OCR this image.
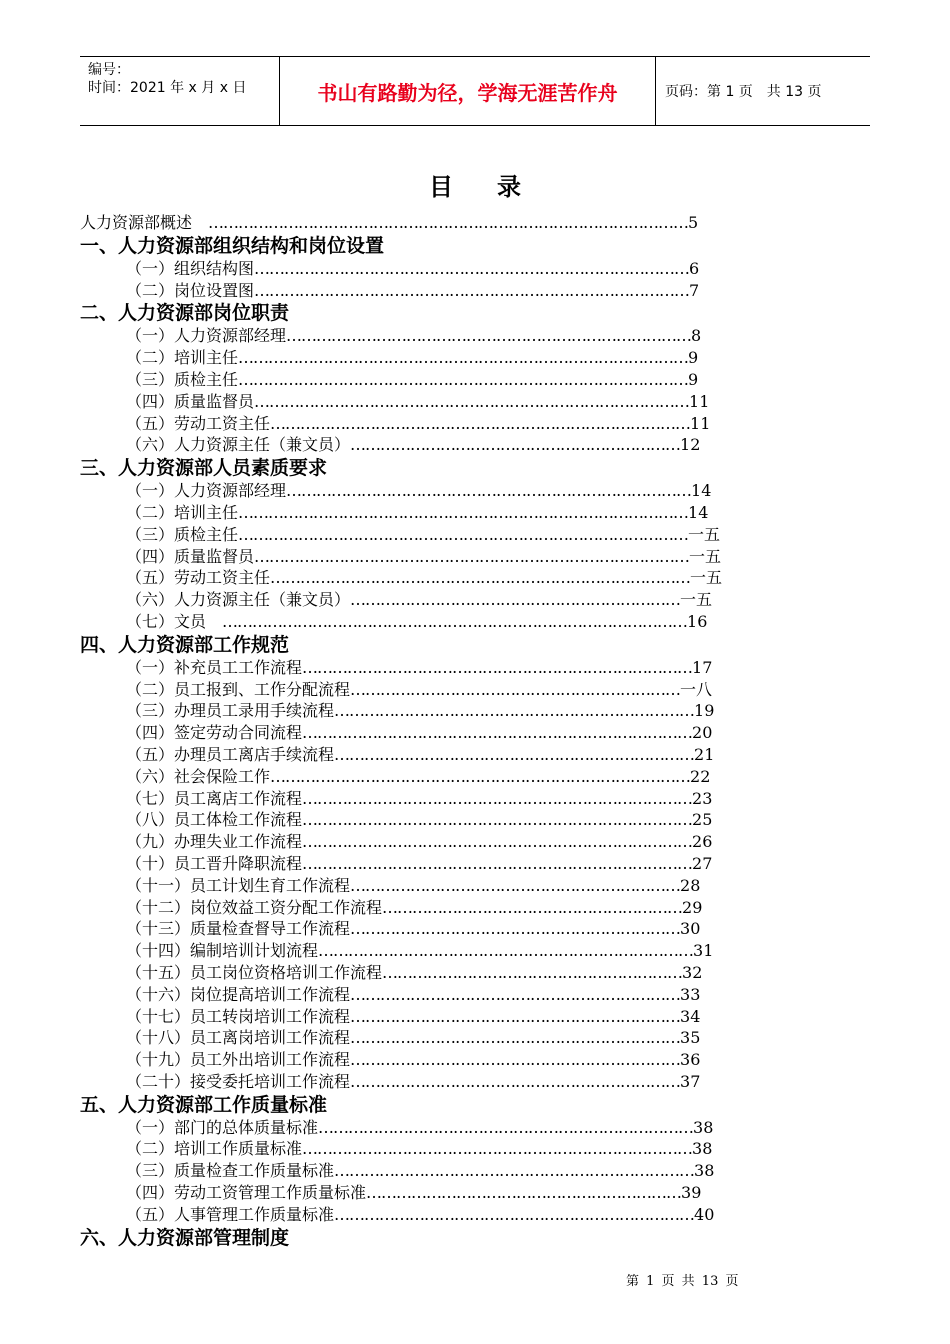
编号：
时间：2021 年 x 月 x 日	书山有路勤为径，学海无涯苦作舟	页码：第 1 页　共 13 页
目录
人力资源部概述　……………………………………………………………………………………5
一、人力资源部组织结构和岗位设置
（一）组织结构图……………………………………………………………………………6
（二）岗位设置图……………………………………………………………………………7
二、人力资源部岗位职责
（一）人力资源部经理………………………………………………………………………8
（二）培训主任………………………………………………………………………………9
（三）质检主任………………………………………………………………………………9
（四）质量监督员……………………………………………………………………………11
（五）劳动工资主任…………………………………………………………………………11
（六）人力资源主任（兼文员）…………………………………………………………12
三、人力资源部人员素质要求
（一）人力资源部经理………………………………………………………………………14
（二）培训主任………………………………………………………………………………14
（三）质检主任………………………………………………………………………………一五
（四）质量监督员……………………………………………………………………………一五
（五）劳动工资主任…………………………………………………………………………一五
（六）人力资源主任（兼文员）…………………………………………………………一五
（七）文员　…………………………………………………………………………………16
四、人力资源部工作规范
（一）补充员工工作流程……………………………………………………………………17
（二）员工报到、工作分配流程…………………………………………………………一八
（三）办理员工录用手续流程………………………………………………………………19
（四）签定劳动合同流程……………………………………………………………………20
（五）办理员工离店手续流程………………………………………………………………21
（六）社会保险工作…………………………………………………………………………22
（七）员工离店工作流程……………………………………………………………………23
（八）员工体检工作流程……………………………………………………………………25
（九）办理失业工作流程……………………………………………………………………26
（十）员工晋升降职流程……………………………………………………………………27
（十一）员工计划生育工作流程…………………………………………………………28
（十二）岗位效益工资分配工作流程……………………………………………………29
（十三）质量检查督导工作流程…………………………………………………………30
（十四）编制培训计划流程…………………………………………………………………31
（十五）员工岗位资格培训工作流程……………………………………………………32
（十六）岗位提高培训工作流程…………………………………………………………33
（十七）员工转岗培训工作流程…………………………………………………………34
（十八）员工离岗培训工作流程…………………………………………………………35
（十九）员工外出培训工作流程…………………………………………………………36
（二十）接受委托培训工作流程…………………………………………………………37
五、人力资源部工作质量标准
（一）部门的总体质量标准…………………………………………………………………38
（二）培训工作质量标准……………………………………………………………………38
（三）质量检查工作质量标准………………………………………………………………38
（四）劳动工资管理工作质量标准………………………………………………………39
（五）人事管理工作质量标准………………………………………………………………40
六、人力资源部管理制度
第 1 页 共 13 页
